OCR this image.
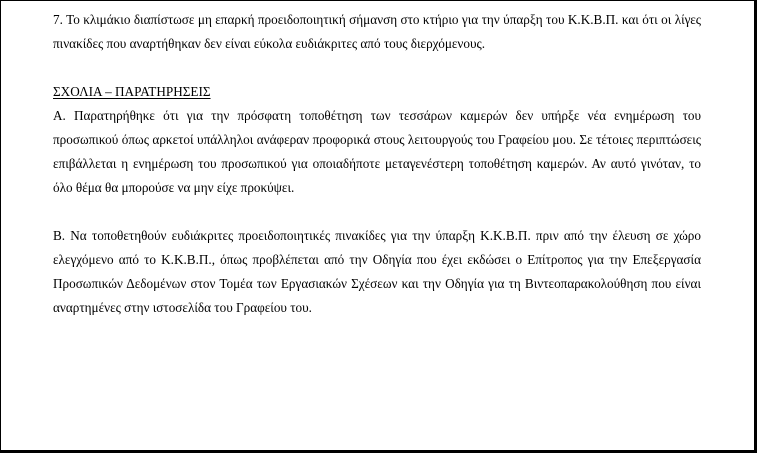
7. Το κλιμάκιο διαπίστωσε μη επαρκή προειδοποιητική σήμανση στο κτήριο για την ύπαρξη του Κ.Κ.Β.Π. και ότι οι λίγες πινακίδες που αναρτήθηκαν δεν είναι εύκολα ευδιάκριτες από τους διερχόμενους.

ΣΧΟΛΙΑ – ΠΑΡΑΤΗΡΗΣΕΙΣ

Α. Παρατηρήθηκε ότι για την πρόσφατη τοποθέτηση των τεσσάρων καμερών δεν υπήρξε νέα ενημέρωση του προσωπικού όπως αρκετοί υπάλληλοι ανάφεραν προφορικά στους λειτουργούς του Γραφείου μου. Σε τέτοιες περιπτώσεις επιβάλλεται η ενημέρωση του προσωπικού για οποιαδήποτε μεταγενέστερη τοποθέτηση καμερών. Αν αυτό γινόταν, το όλο θέμα θα μπορούσε να μην είχε προκύψει.

Β. Να τοποθετηθούν ευδιάκριτες προειδοποιητικές πινακίδες για την ύπαρξη Κ.Κ.Β.Π. πριν από την έλευση σε χώρο ελεγχόμενο από το Κ.Κ.Β.Π., όπως προβλέπεται από την Οδηγία που έχει εκδώσει ο Επίτροπος για την Επεξεργασία Προσωπικών Δεδομένων στον Τομέα των Εργασιακών Σχέσεων και την Οδηγία για τη Βιντεοπαρακολούθηση που είναι αναρτημένες στην ιστοσελίδα του Γραφείου του.
